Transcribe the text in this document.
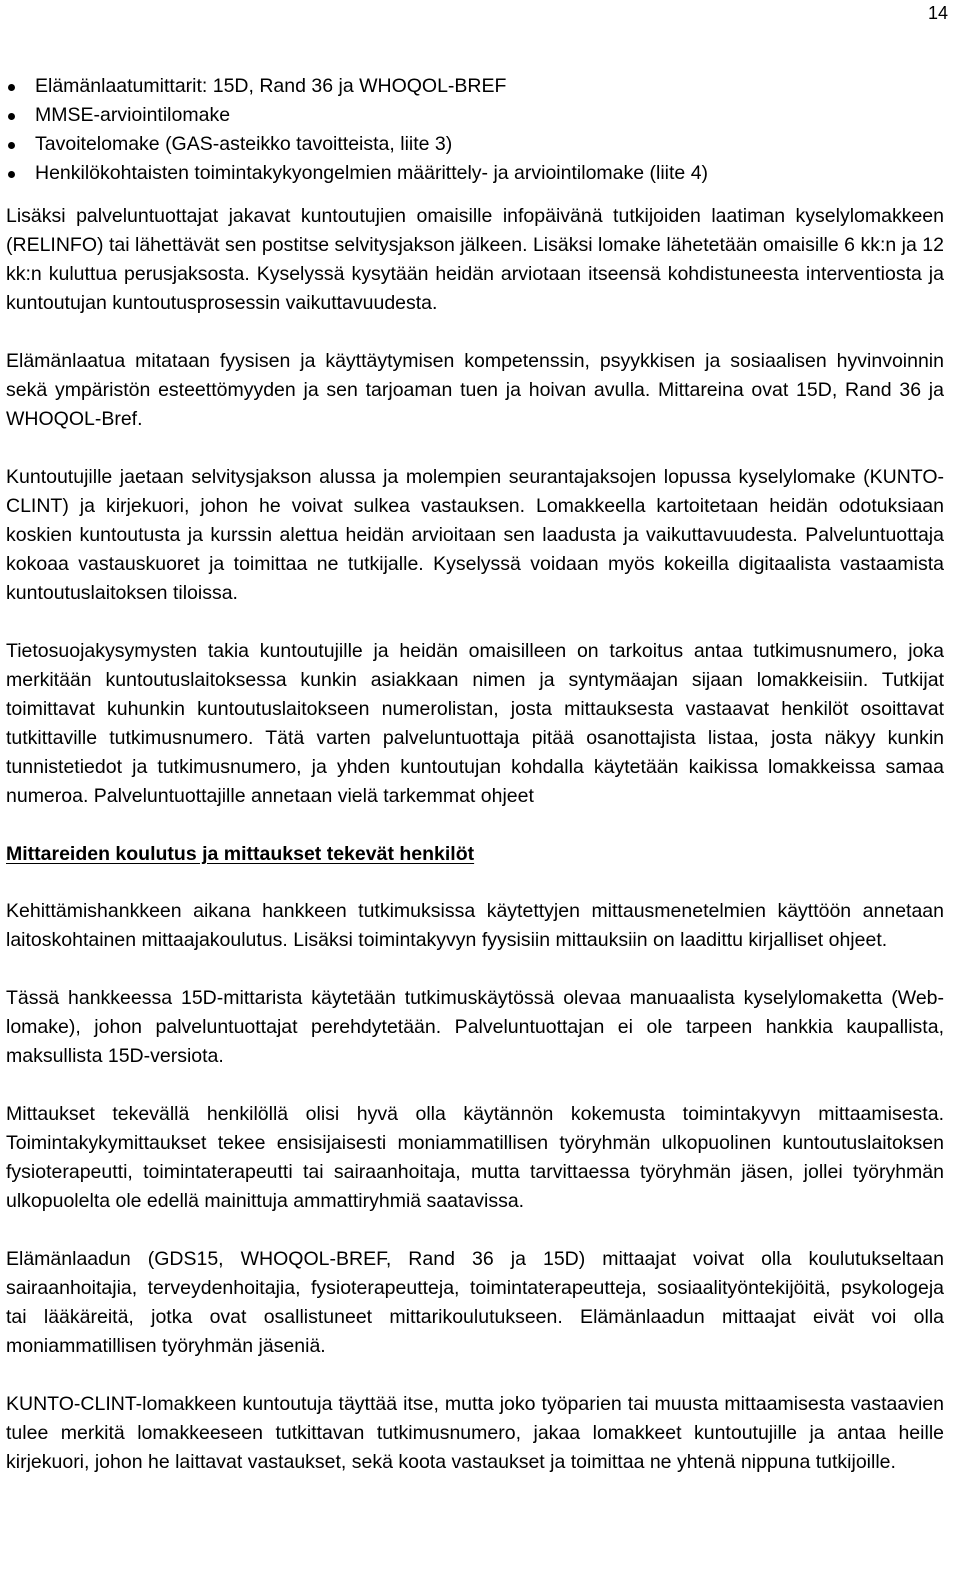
14
Elämänlaatumittarit: 15D, Rand 36 ja WHOQOL-BREF
MMSE-arviointilomake
Tavoitelomake (GAS-asteikko tavoitteista, liite 3)
Henkilökohtaisten toimintakykyongelmien määrittely- ja arviointilomake (liite 4)

Lisäksi palveluntuottajat jakavat kuntoutujien omaisille infopäivänä tutkijoiden laatiman kyselylomakkeen (RELINFO) tai lähettävät sen postitse selvitysjakson jälkeen. Lisäksi lomake lähetetään omaisille 6 kk:n ja 12 kk:n kuluttua perusjaksosta. Kyselyssä kysytään heidän arviotaan itseensä kohdistuneesta interventiosta ja kuntoutujan kuntoutusprosessin vaikuttavuudesta.

Elämänlaatua mitataan fyysisen ja käyttäytymisen kompetenssin, psyykkisen ja sosiaalisen hyvinvoinnin sekä ympäristön esteettömyyden ja sen tarjoaman tuen ja hoivan avulla. Mittareina ovat 15D, Rand 36 ja WHOQOL-Bref.

Kuntoutujille jaetaan selvitysjakson alussa ja molempien seurantajaksojen lopussa kyselylomake (KUNTO-CLINT) ja kirjekuori, johon he voivat sulkea vastauksen. Lomakkeella kartoitetaan heidän odotuksiaan koskien kuntoutusta ja kurssin alettua heidän arvioitaan sen laadusta ja vaikuttavuudesta. Palveluntuottaja kokoaa vastauskuoret ja toimittaa ne tutkijalle. Kyselyssä voidaan myös kokeilla digitaalista vastaamista kuntoutuslaitoksen tiloissa.

Tietosuojakysymysten takia kuntoutujille ja heidän omaisilleen on tarkoitus antaa tutkimusnumero, joka merkitään kuntoutuslaitoksessa kunkin asiakkaan nimen ja syntymäajan sijaan lomakkeisiin. Tutkijat toimittavat kuhunkin kuntoutuslaitokseen numerolistan, josta mittauksesta vastaavat henkilöt osoittavat tutkittaville tutkimusnumero. Tätä varten palveluntuottaja pitää osanottajista listaa, josta näkyy kunkin tunnistetiedot ja tutkimusnumero, ja yhden kuntoutujan kohdalla käytetään kaikissa lomakkeissa samaa numeroa. Palveluntuottajille annetaan vielä tarkemmat ohjeet

Mittareiden koulutus ja mittaukset tekevät henkilöt

Kehittämishankkeen aikana hankkeen tutkimuksissa käytettyjen mittausmenetelmien käyttöön annetaan laitoskohtainen mittaajakoulutus. Lisäksi toimintakyvyn fyysisiin mittauksiin on laadittu kirjalliset ohjeet.

Tässä hankkeessa 15D-mittarista käytetään tutkimuskäytössä olevaa manuaalista kyselylomaketta (Web-lomake), johon palveluntuottajat perehdytetään. Palveluntuottajan ei ole tarpeen hankkia kaupallista, maksullista 15D-versiota.

Mittaukset tekevällä henkilöllä olisi hyvä olla käytännön kokemusta toimintakyvyn mittaamisesta. Toimintakykymittaukset tekee ensisijaisesti moniammatillisen työryhmän ulkopuolinen kuntoutuslaitoksen fysioterapeutti, toimintaterapeutti tai sairaanhoitaja, mutta tarvittaessa työryhmän jäsen, jollei työryhmän ulkopuolelta ole edellä mainittuja ammattiryhmiä saatavissa.

Elämänlaadun (GDS15, WHOQOL-BREF, Rand 36 ja 15D) mittaajat voivat olla koulutukseltaan sairaanhoitajia, terveydenhoitajia, fysioterapeutteja, toimintaterapeutteja, sosiaalityöntekijöitä, psykologeja tai lääkäreitä, jotka ovat osallistuneet mittarikoulutukseen. Elämänlaadun mittaajat eivät voi olla moniammatillisen työryhmän jäseniä.

KUNTO-CLINT-lomakkeen kuntoutuja täyttää itse, mutta joko työparien tai muusta mittaamisesta vastaavien tulee merkitä lomakkeeseen tutkittavan tutkimusnumero, jakaa lomakkeet kuntoutujille ja antaa heille kirjekuori, johon he laittavat vastaukset, sekä koota vastaukset ja toimittaa ne yhtenä nippuna tutkijoille.
